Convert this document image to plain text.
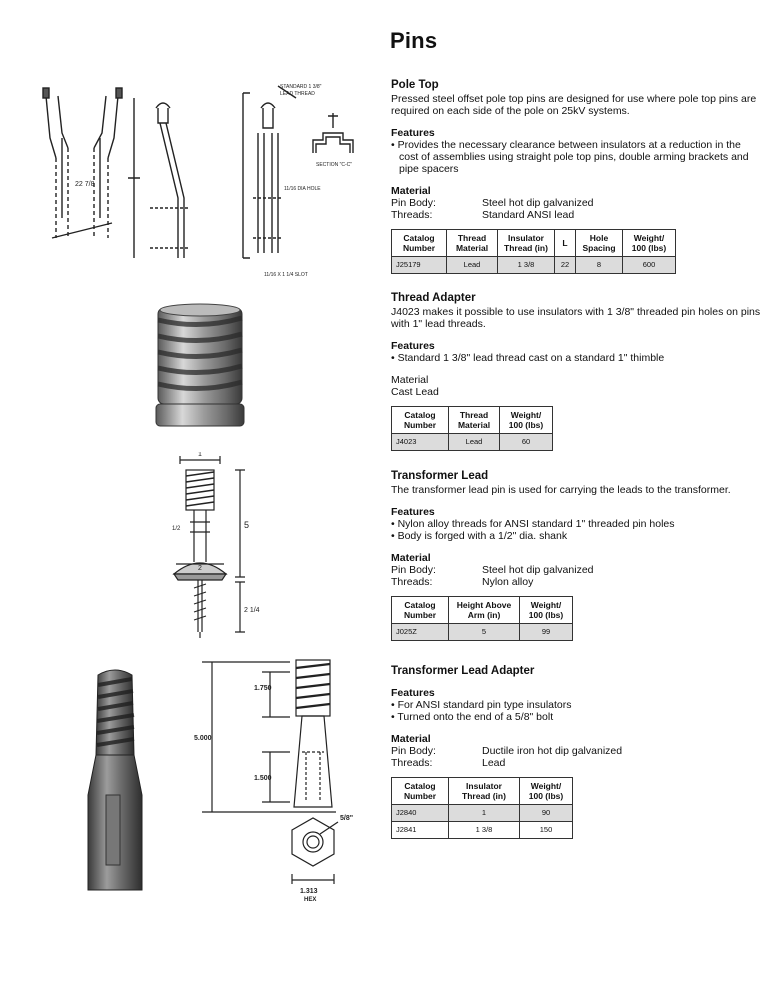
Pins
Pole Top
Pressed steel offset pole top pins are designed for use where pole top pins are required on each side of the pole on 25kV systems.
Features
• Provides the necessary clearance between insulators at a reduction in the cost of assemblies using straight pole top pins, double arming brackets and pipe spacers
Material
Pin Body:	Steel hot dip galvanized
Threads:	Standard ANSI lead
Catalog Number	Thread Material	Insulator Thread (in)	L	Hole Spacing	Weight/ 100 (lbs)
J25179	Lead	1 3/8	22	8	600
Thread Adapter
J4023 makes it possible to use insulators with 1 3/8" threaded pin holes on pins with 1" lead threads.
Features
• Standard 1 3/8" lead thread cast on a standard 1" thimble
Material
Cast Lead
Catalog Number	Thread Material	Weight/ 100 (lbs)
J4023	Lead	60
Transformer Lead
The transformer lead pin is used for carrying the leads to the transformer.
Features
• Nylon alloy threads for ANSI standard 1" threaded pin holes
• Body is forged with a 1/2" dia. shank
Material
Pin Body:	Steel hot dip galvanized
Threads:	Nylon alloy
Catalog Number	Height Above Arm (in)	Weight/ 100 (lbs)
J025Z	5	99
Transformer Lead Adapter
Features
• For ANSI standard pin type insulators
• Turned onto the end of a 5/8" bolt
Material
Pin Body:	Ductile iron hot dip galvanized
Threads:	Lead
Catalog Number	Insulator Thread (in)	Weight/ 100 (lbs)
J2840	1	90
J2841	1 3/8	150
22 7/8
STANDARD 1 3/8"
LEAD THREAD
11/16 DIA HOLE
11/16 X 1 1/4 SLOT
SECTION "C-C"
1
5
1/2
2
2 1/4
5.000
1.750
1.500
5/8"
1.313
HEX
